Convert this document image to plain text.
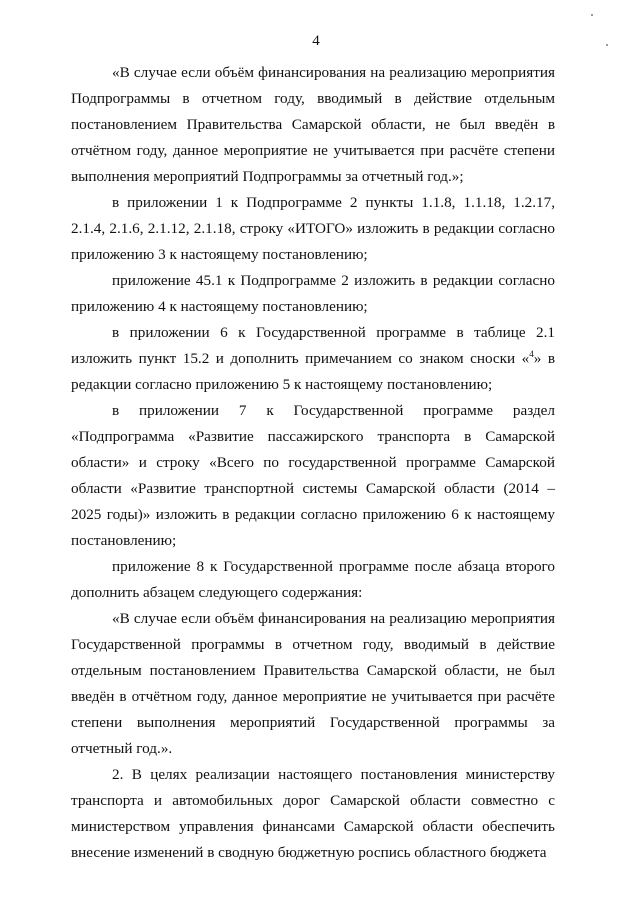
4

«В случае если объём финансирования на реализацию мероприятия Подпрограммы в отчетном году, вводимый в действие отдельным постановлением Правительства Самарской области, не был введён в отчётном году, данное мероприятие не учитывается при расчёте степени выполнения мероприятий Подпрограммы за отчетный год.»;

в приложении 1 к Подпрограмме 2 пункты 1.1.8, 1.1.18, 1.2.17, 2.1.4, 2.1.6, 2.1.12, 2.1.18, строку «ИТОГО» изложить в редакции согласно приложению 3 к настоящему постановлению;

приложение 45.1 к Подпрограмме 2 изложить в редакции согласно приложению 4 к настоящему постановлению;

в приложении 6 к Государственной программе в таблице 2.1 изложить пункт 15.2 и дополнить примечанием со знаком сноски «$^4$» в редакции согласно приложению 5 к настоящему постановлению;

в приложении 7 к Государственной программе раздел «Подпрограмма «Развитие пассажирского транспорта в Самарской области» и строку «Всего по государственной программе Самарской области «Развитие транспортной системы Самарской области (2014 – 2025 годы)» изложить в редакции согласно приложению 6 к настоящему постановлению;

приложение 8 к Государственной программе после абзаца второго дополнить абзацем следующего содержания:

«В случае если объём финансирования на реализацию мероприятия Государственной программы в отчетном году, вводимый в действие отдельным постановлением Правительства Самарской области, не был введён в отчётном году, данное мероприятие не учитывается при расчёте степени выполнения мероприятий Государственной программы за отчетный год.».

2. В целях реализации настоящего постановления министерству транспорта и автомобильных дорог Самарской области совместно с министерством управления финансами Самарской области обеспечить внесение изменений в сводную бюджетную роспись областного бюджета
